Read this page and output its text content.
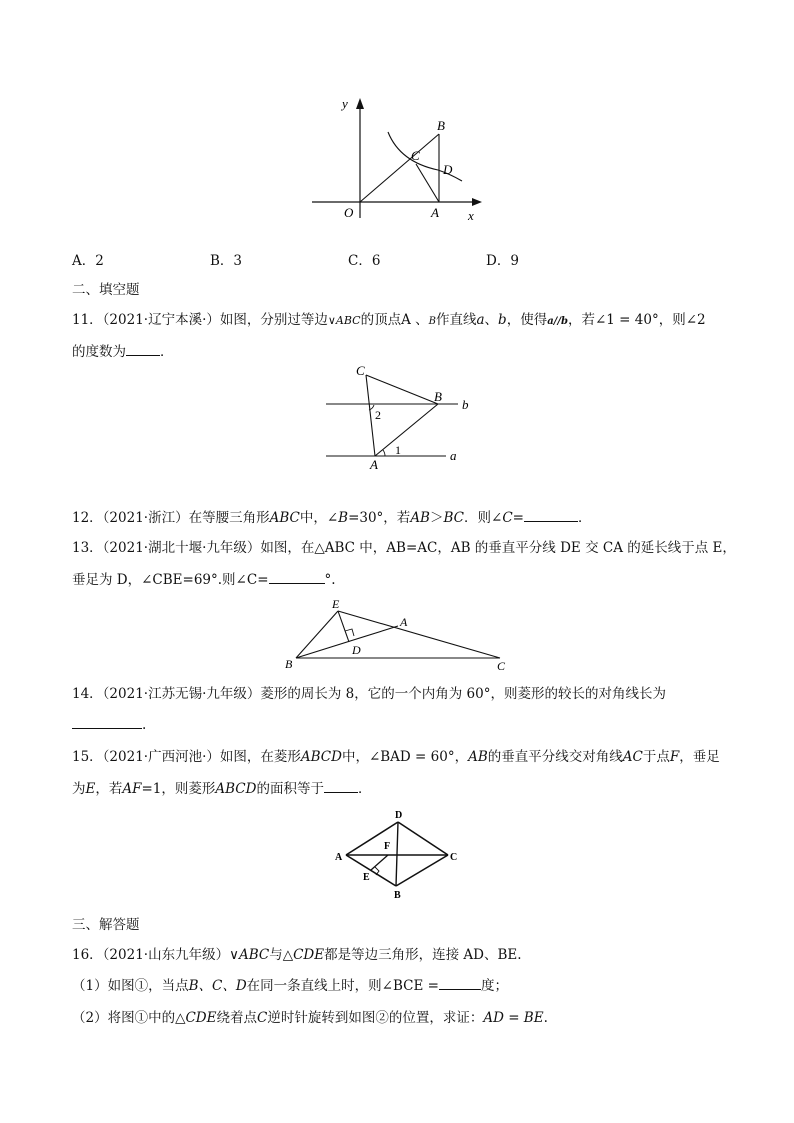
y
x
O	A
B
C
D
A．2	B．3	C．6	D．9
二、填空题
11．（2021·辽宁本溪·）如图，分别过等边∨ABC的顶点A 、B作直线a、b，使得a//b，若∠1 = 40°，则∠2
的度数为	．
C
B
A
b
a
1
2
12．（2021·浙江）在等腰三角形ABC中，∠B=30°，若AB＞BC．则∠C=	．
13．（2021·湖北十堰·九年级）如图，在△ABC 中，AB=AC，AB 的垂直平分线 DE 交 CA 的延长线于点 E，
垂足为 D，∠CBE=69°.则∠C=	°.
E
A
D
B	C
14．（2021·江苏无锡·九年级）菱形的周长为 8，它的一个内角为 60°，则菱形的较长的对角线长为
.
15．（2021·广西河池·）如图，在菱形ABCD中，∠BAD = 60°，AB的垂直平分线交对角线AC于点F，垂足
为E，若AF=1，则菱形ABCD的面积等于	．
A
D
C
B
E
F
三、解答题
16．（2021·山东九年级）∨ABC与△CDE都是等边三角形，连接 AD、BE.
（1）如图①，当点B、C、D在同一条直线上时，则∠BCE =	度；
（2）将图①中的△CDE绕着点C逆时针旋转到如图②的位置，求证：AD = BE.
